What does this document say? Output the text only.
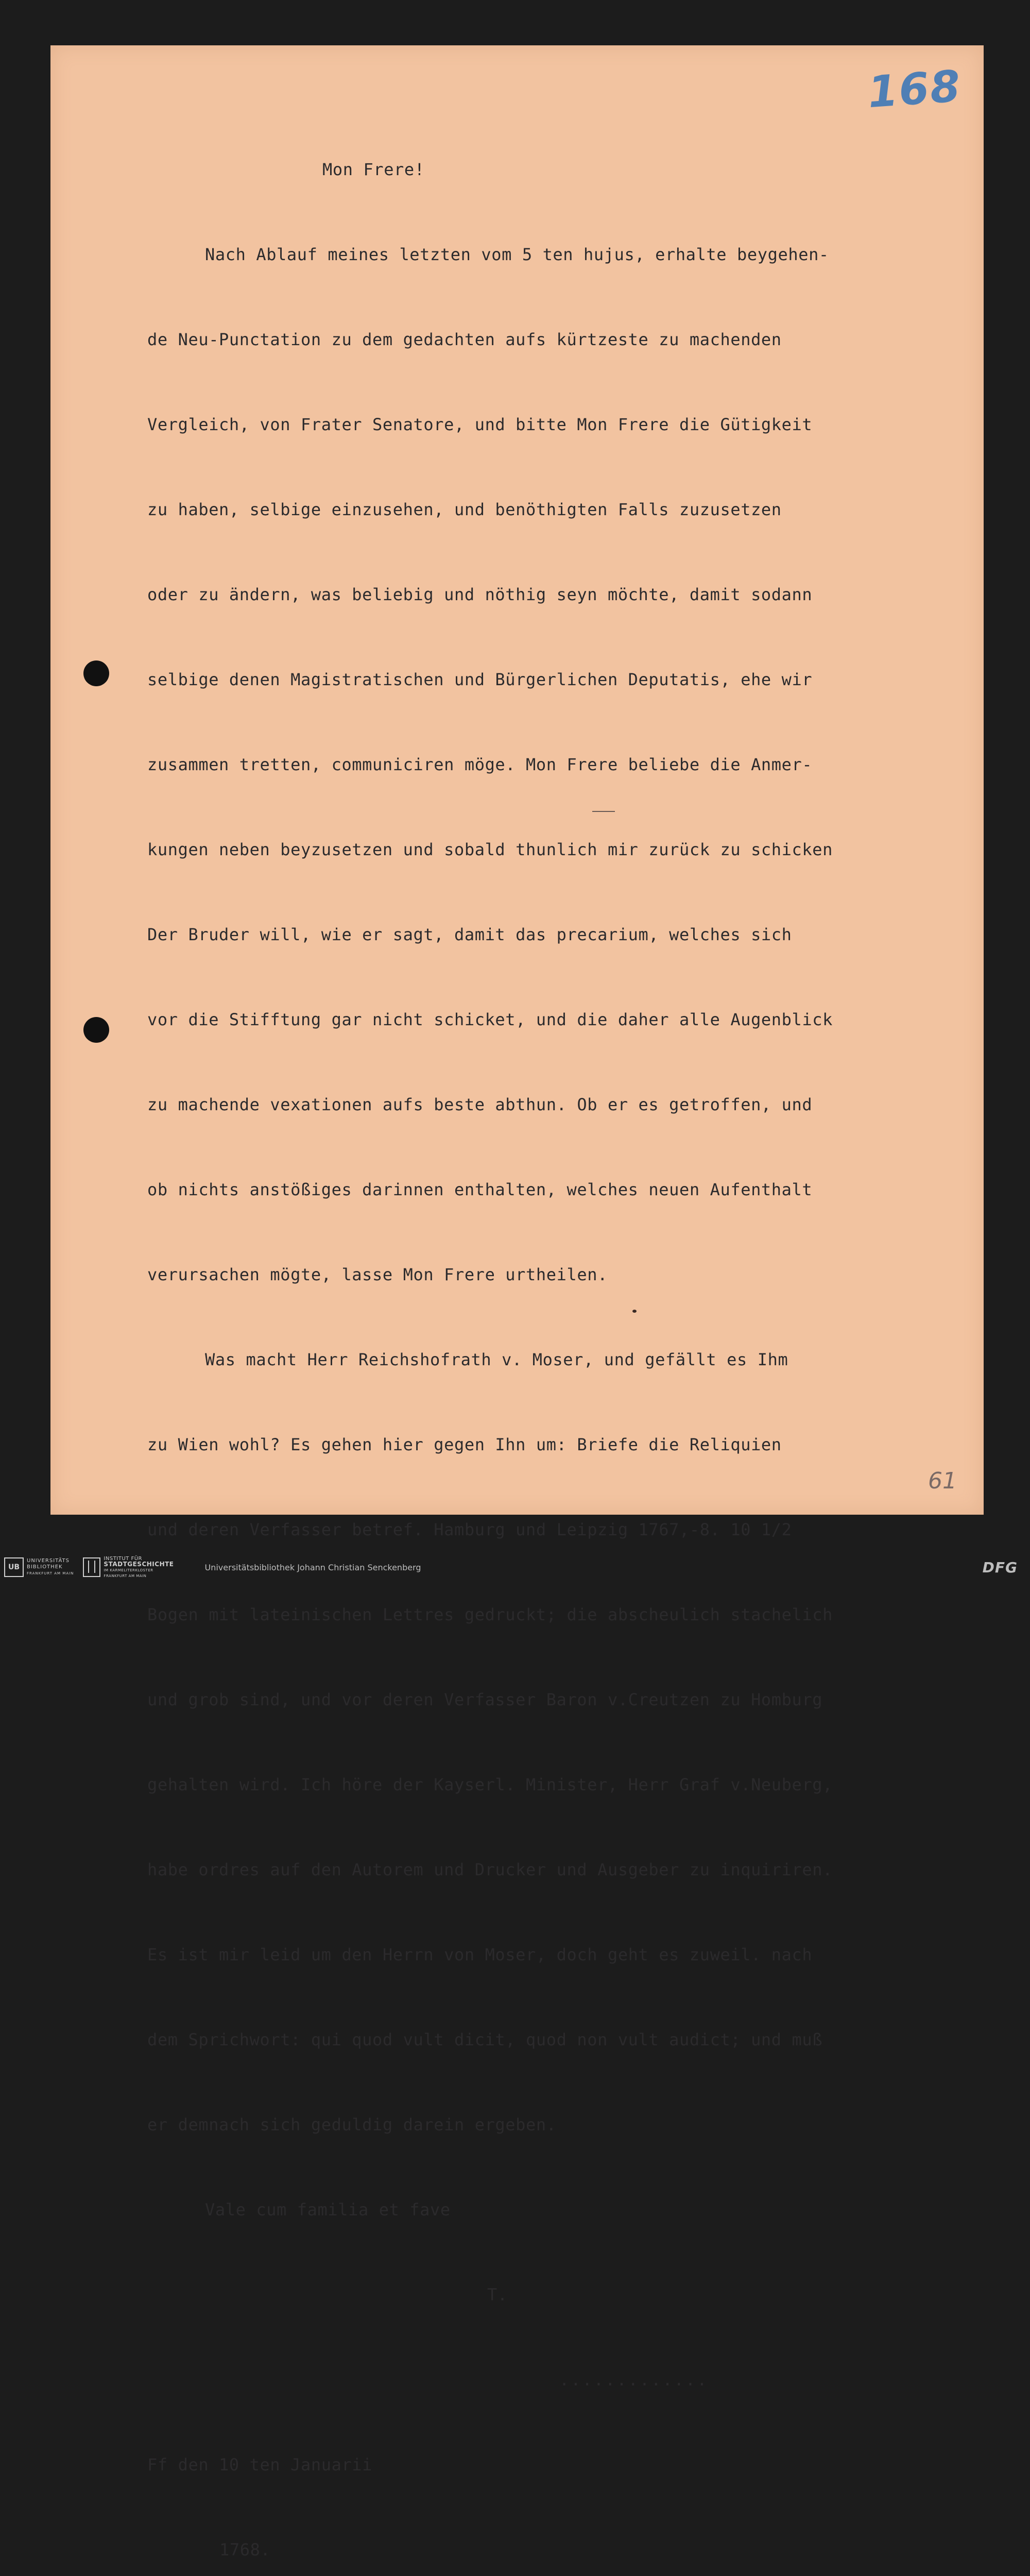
168
61

Mon Frere!

Nach Ablauf meines letzten vom 5 ten hujus, erhalte beygehen-

de Neu-Punctation zu dem gedachten aufs kürtzeste zu machenden

Vergleich, von Frater Senatore, und bitte Mon Frere die Gütigkeit

zu haben, selbige einzusehen, und benöthigten Falls zuzusetzen

oder zu ändern, was beliebig und nöthig seyn möchte, damit sodann

selbige denen Magistratischen und Bürgerlichen Deputatis, ehe wir

zusammen tretten, communiciren möge. Mon Frere beliebe die Anmer-

kungen neben beyzusetzen und sobald thunlich mir zurück zu schicken

Der Bruder will, wie er sagt, damit das precarium, welches sich

vor die Stifftung gar nicht schicket, und die daher alle Augenblick

zu machende vexationen aufs beste abthun. Ob er es getroffen, und

ob nichts anstößiges darinnen enthalten, welches neuen Aufenthalt

verursachen mögte, lasse Mon Frere urtheilen.

Was macht Herr Reichshofrath v. Moser, und gefällt es Ihm

zu Wien wohl? Es gehen hier gegen Ihn um: Briefe die Reliquien

und deren Verfasser betref. Hamburg und Leipzig 1767,-8. 10 1/2

Bogen mit lateinischen Lettres gedruckt; die abscheulich stachelich

und grob sind, und vor deren Verfasser Baron v.Creutzen zu Homburg

gehalten wird. Ich höre der Kayserl. Minister, Herr Graf v.Neuberg,

habe ordres auf den Autorem und Drucker und Ausgeber zu inquiriren.

Es ist mir leid um den Herrn von Moser, doch geht es zuweil. nach

dem Sprichwort: qui quod vult dicit, quod non vult audict; und muß

er demnach sich geduldig darein ergeben.

Vale cum familia et fave

T.

.............

Ff den 10 ten Januarii

1768.

UB
UNIVERSITÄTS
BIBLIOTHEK
FRANKFURT AM MAIN
INSTITUT FÜR
STADTGESCHICHTE
IM KARMELITERKLOSTER
FRANKFURT AM MAIN
Universitätsbibliothek Johann Christian Senckenberg	DFG
